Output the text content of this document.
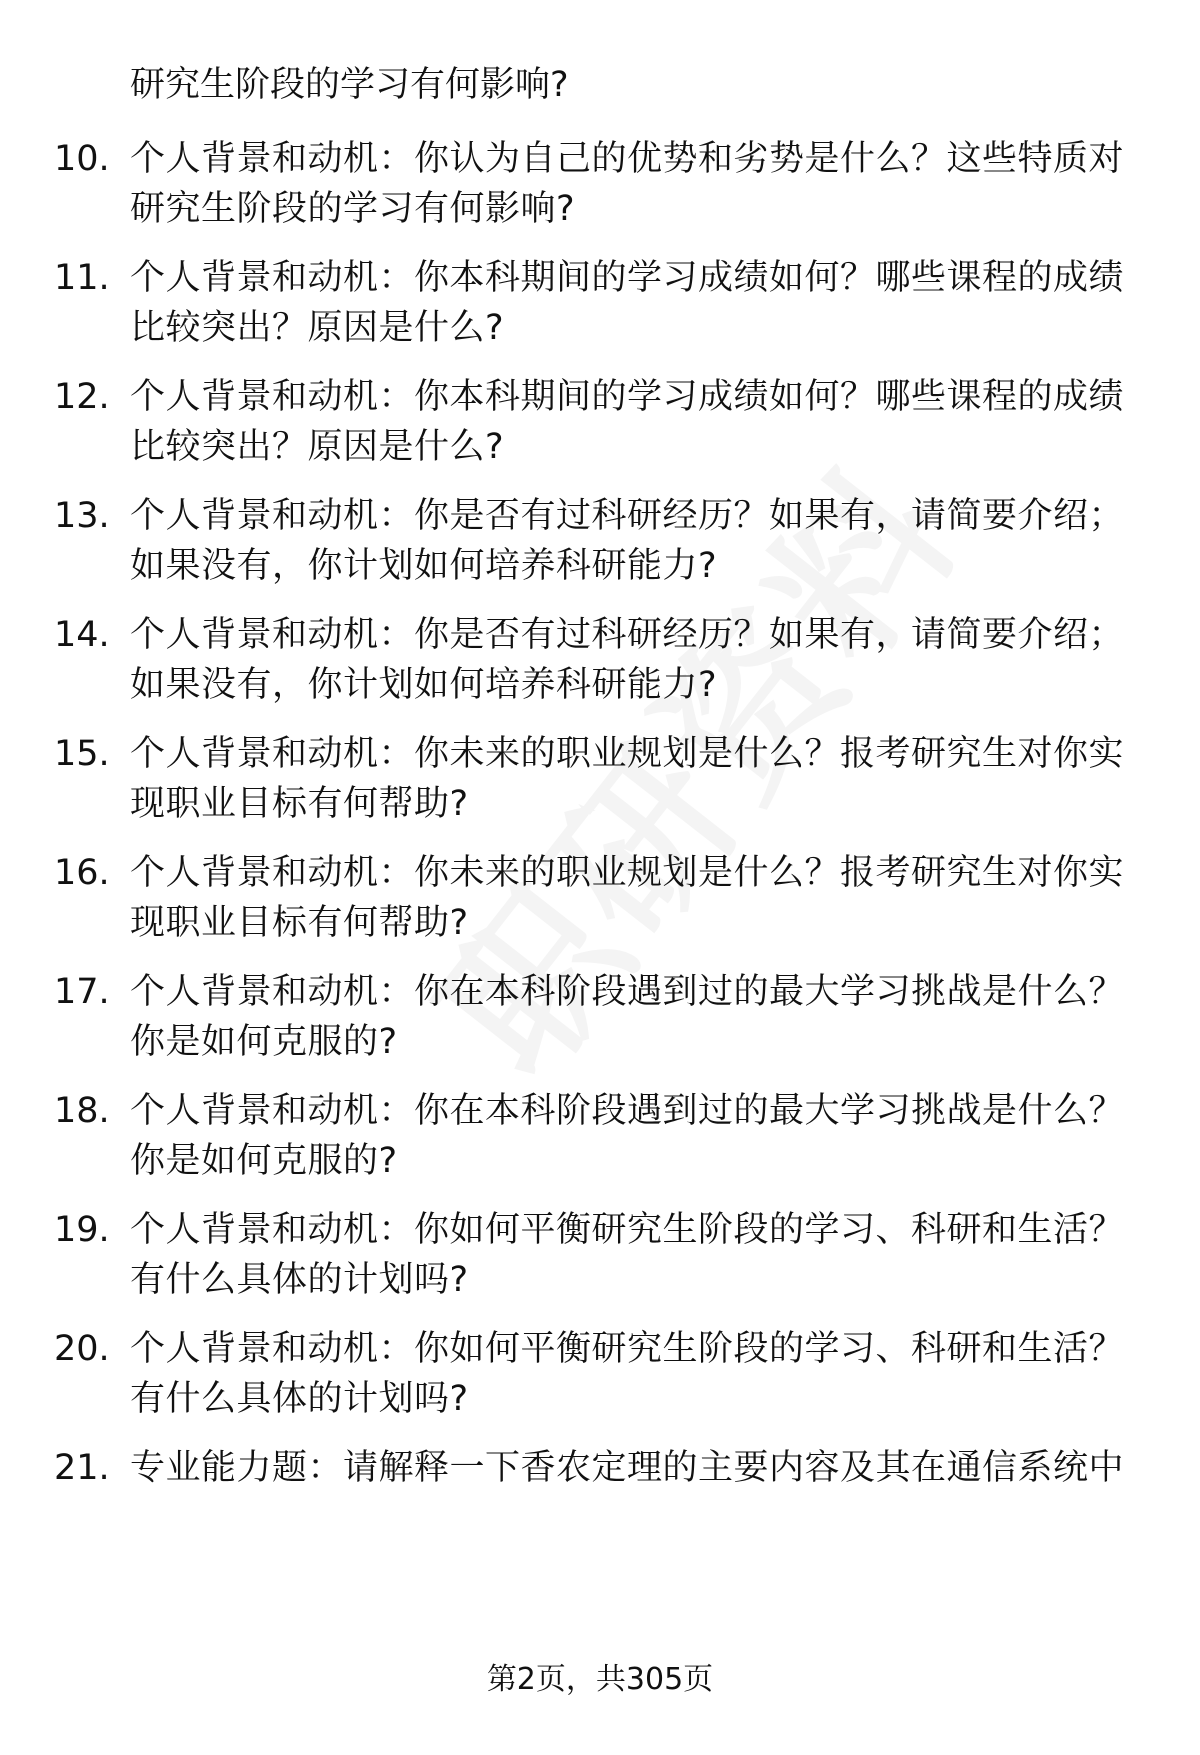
研究生阶段的学习有何影响?
10. 个人背景和动机：你认为自己的优势和劣势是什么？这些特质对研究生阶段的学习有何影响?
11. 个人背景和动机：你本科期间的学习成绩如何？哪些课程的成绩比较突出？原因是什么?
12. 个人背景和动机：你本科期间的学习成绩如何？哪些课程的成绩比较突出？原因是什么?
13. 个人背景和动机：你是否有过科研经历？如果有，请简要介绍；如果没有，你计划如何培养科研能力?
14. 个人背景和动机：你是否有过科研经历？如果有，请简要介绍；如果没有，你计划如何培养科研能力?
15. 个人背景和动机：你未来的职业规划是什么？报考研究生对你实现职业目标有何帮助?
16. 个人背景和动机：你未来的职业规划是什么？报考研究生对你实现职业目标有何帮助?
17. 个人背景和动机：你在本科阶段遇到过的最大学习挑战是什么？你是如何克服的?
18. 个人背景和动机：你在本科阶段遇到过的最大学习挑战是什么？你是如何克服的?
19. 个人背景和动机：你如何平衡研究生阶段的学习、科研和生活？有什么具体的计划吗?
20. 个人背景和动机：你如何平衡研究生阶段的学习、科研和生活？有什么具体的计划吗?
21. 专业能力题：请解释一下香农定理的主要内容及其在通信系统中
第2页，共305页
